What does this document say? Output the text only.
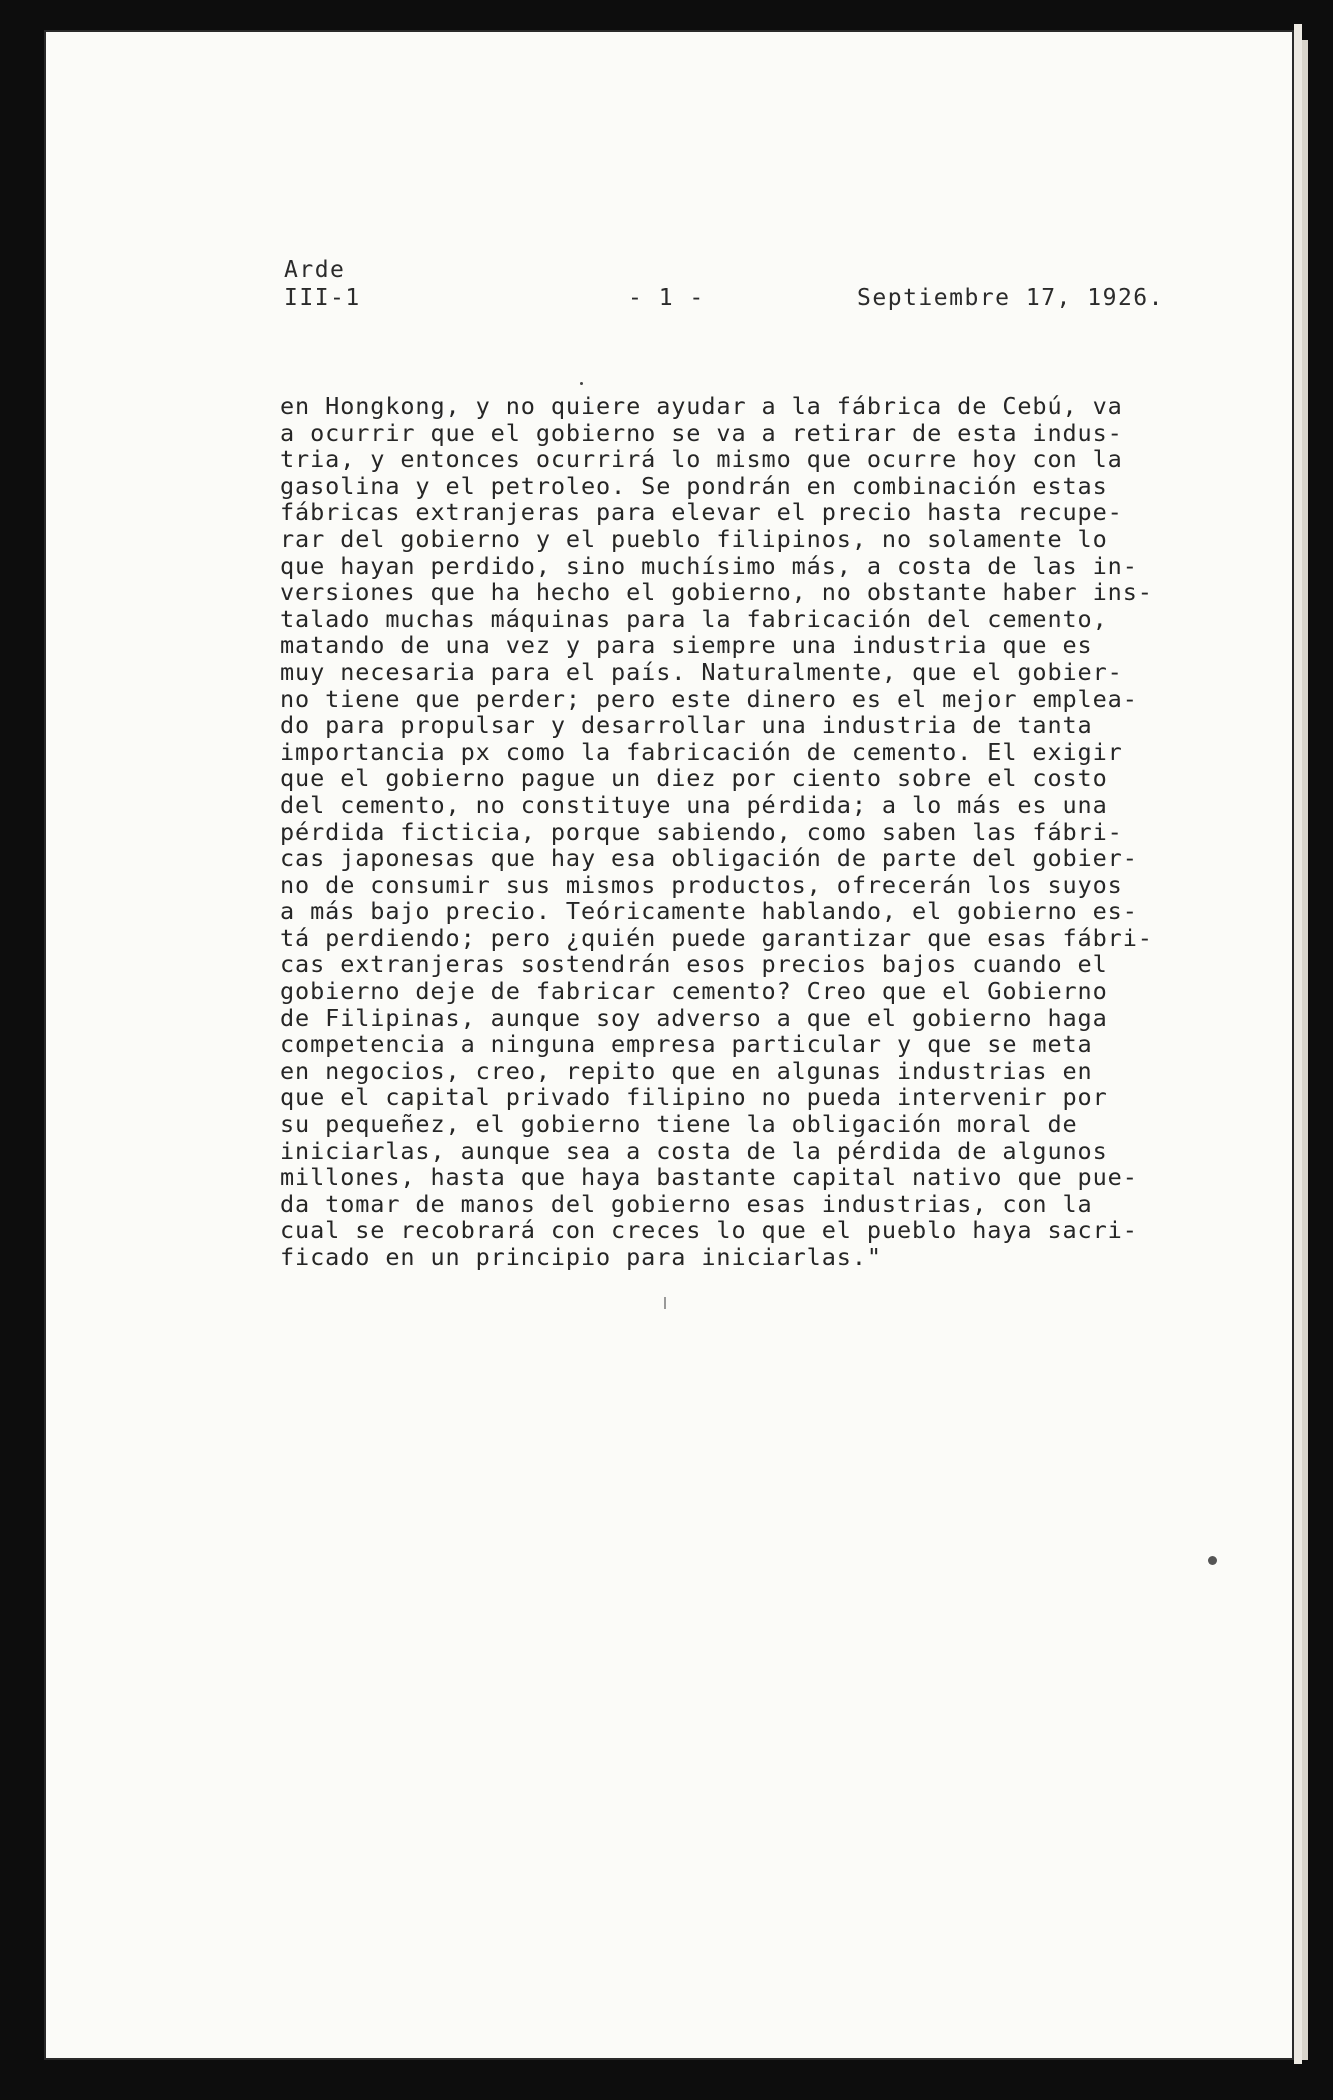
Arde
III-1	- 1 -	Septiembre 17, 1926.
en Hongkong, y no quiere ayudar a la fábrica de Cebú, va
a ocurrir que el gobierno se va a retirar de esta indus-
tria, y entonces ocurrirá lo mismo que ocurre hoy con la
gasolina y el petroleo. Se pondrán en combinación estas
fábricas extranjeras para elevar el precio hasta recupe-
rar del gobierno y el pueblo filipinos, no solamente lo
que hayan perdido, sino muchísimo más, a costa de las in-
versiones que ha hecho el gobierno, no obstante haber ins-
talado muchas máquinas para la fabricación del cemento,
matando de una vez y para siempre una industria que es
muy necesaria para el país. Naturalmente, que el gobier-
no tiene que perder; pero este dinero es el mejor emplea-
do para propulsar y desarrollar una industria de tanta
importancia px como la fabricación de cemento. El exigir
que el gobierno pague un diez por ciento sobre el costo
del cemento, no constituye una pérdida; a lo más es una
pérdida ficticia, porque sabiendo, como saben las fábri-
cas japonesas que hay esa obligación de parte del gobier-
no de consumir sus mismos productos, ofrecerán los suyos
a más bajo precio. Teóricamente hablando, el gobierno es-
tá perdiendo; pero ¿quién puede garantizar que esas fábri-
cas extranjeras sostendrán esos precios bajos cuando el
gobierno deje de fabricar cemento? Creo que el Gobierno
de Filipinas, aunque soy adverso a que el gobierno haga
competencia a ninguna empresa particular y que se meta
en negocios, creo, repito que en algunas industrias en
que el capital privado filipino no pueda intervenir por
su pequeñez, el gobierno tiene la obligación moral de
iniciarlas, aunque sea a costa de la pérdida de algunos
millones, hasta que haya bastante capital nativo que pue-
da tomar de manos del gobierno esas industrias, con la
cual se recobrará con creces lo que el pueblo haya sacri-
ficado en un principio para iniciarlas."
